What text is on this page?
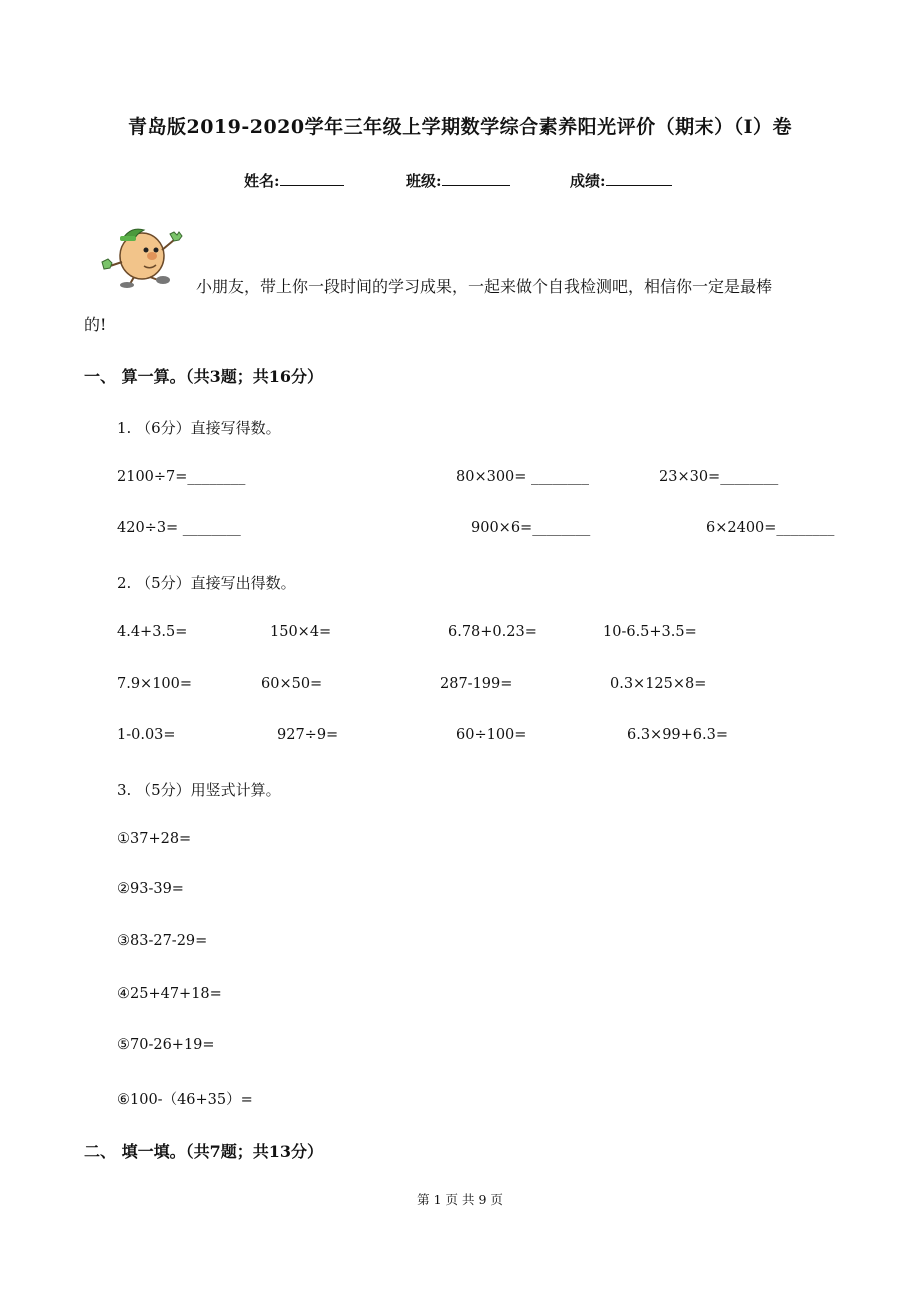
青岛版2019-2020学年三年级上学期数学综合素养阳光评价（期末）（I）卷
姓名:	班级:	成绩:
小朋友，带上你一段时间的学习成果，一起来做个自我检测吧，相信你一定是最棒
的!
一、 算一算。（共3题；共16分）
1. （6分）直接写得数。
2100÷7=________	80×300= ________	23×30=________
420÷3= ________	900×6=________	6×2400=________
2. （5分）直接写出得数。
4.4+3.5=	150×4=	6.78+0.23=	10-6.5+3.5=
7.9×100=	60×50=	287-199=	0.3×125×8=
1-0.03=	927÷9=	60÷100=	6.3×99+6.3=
3. （5分）用竖式计算。
①37+28=
②93-39=
③83-27-29=
④25+47+18=
⑤70-26+19=
⑥100-（46+35）=
二、 填一填。（共7题；共13分）
第 1 页 共 9 页
